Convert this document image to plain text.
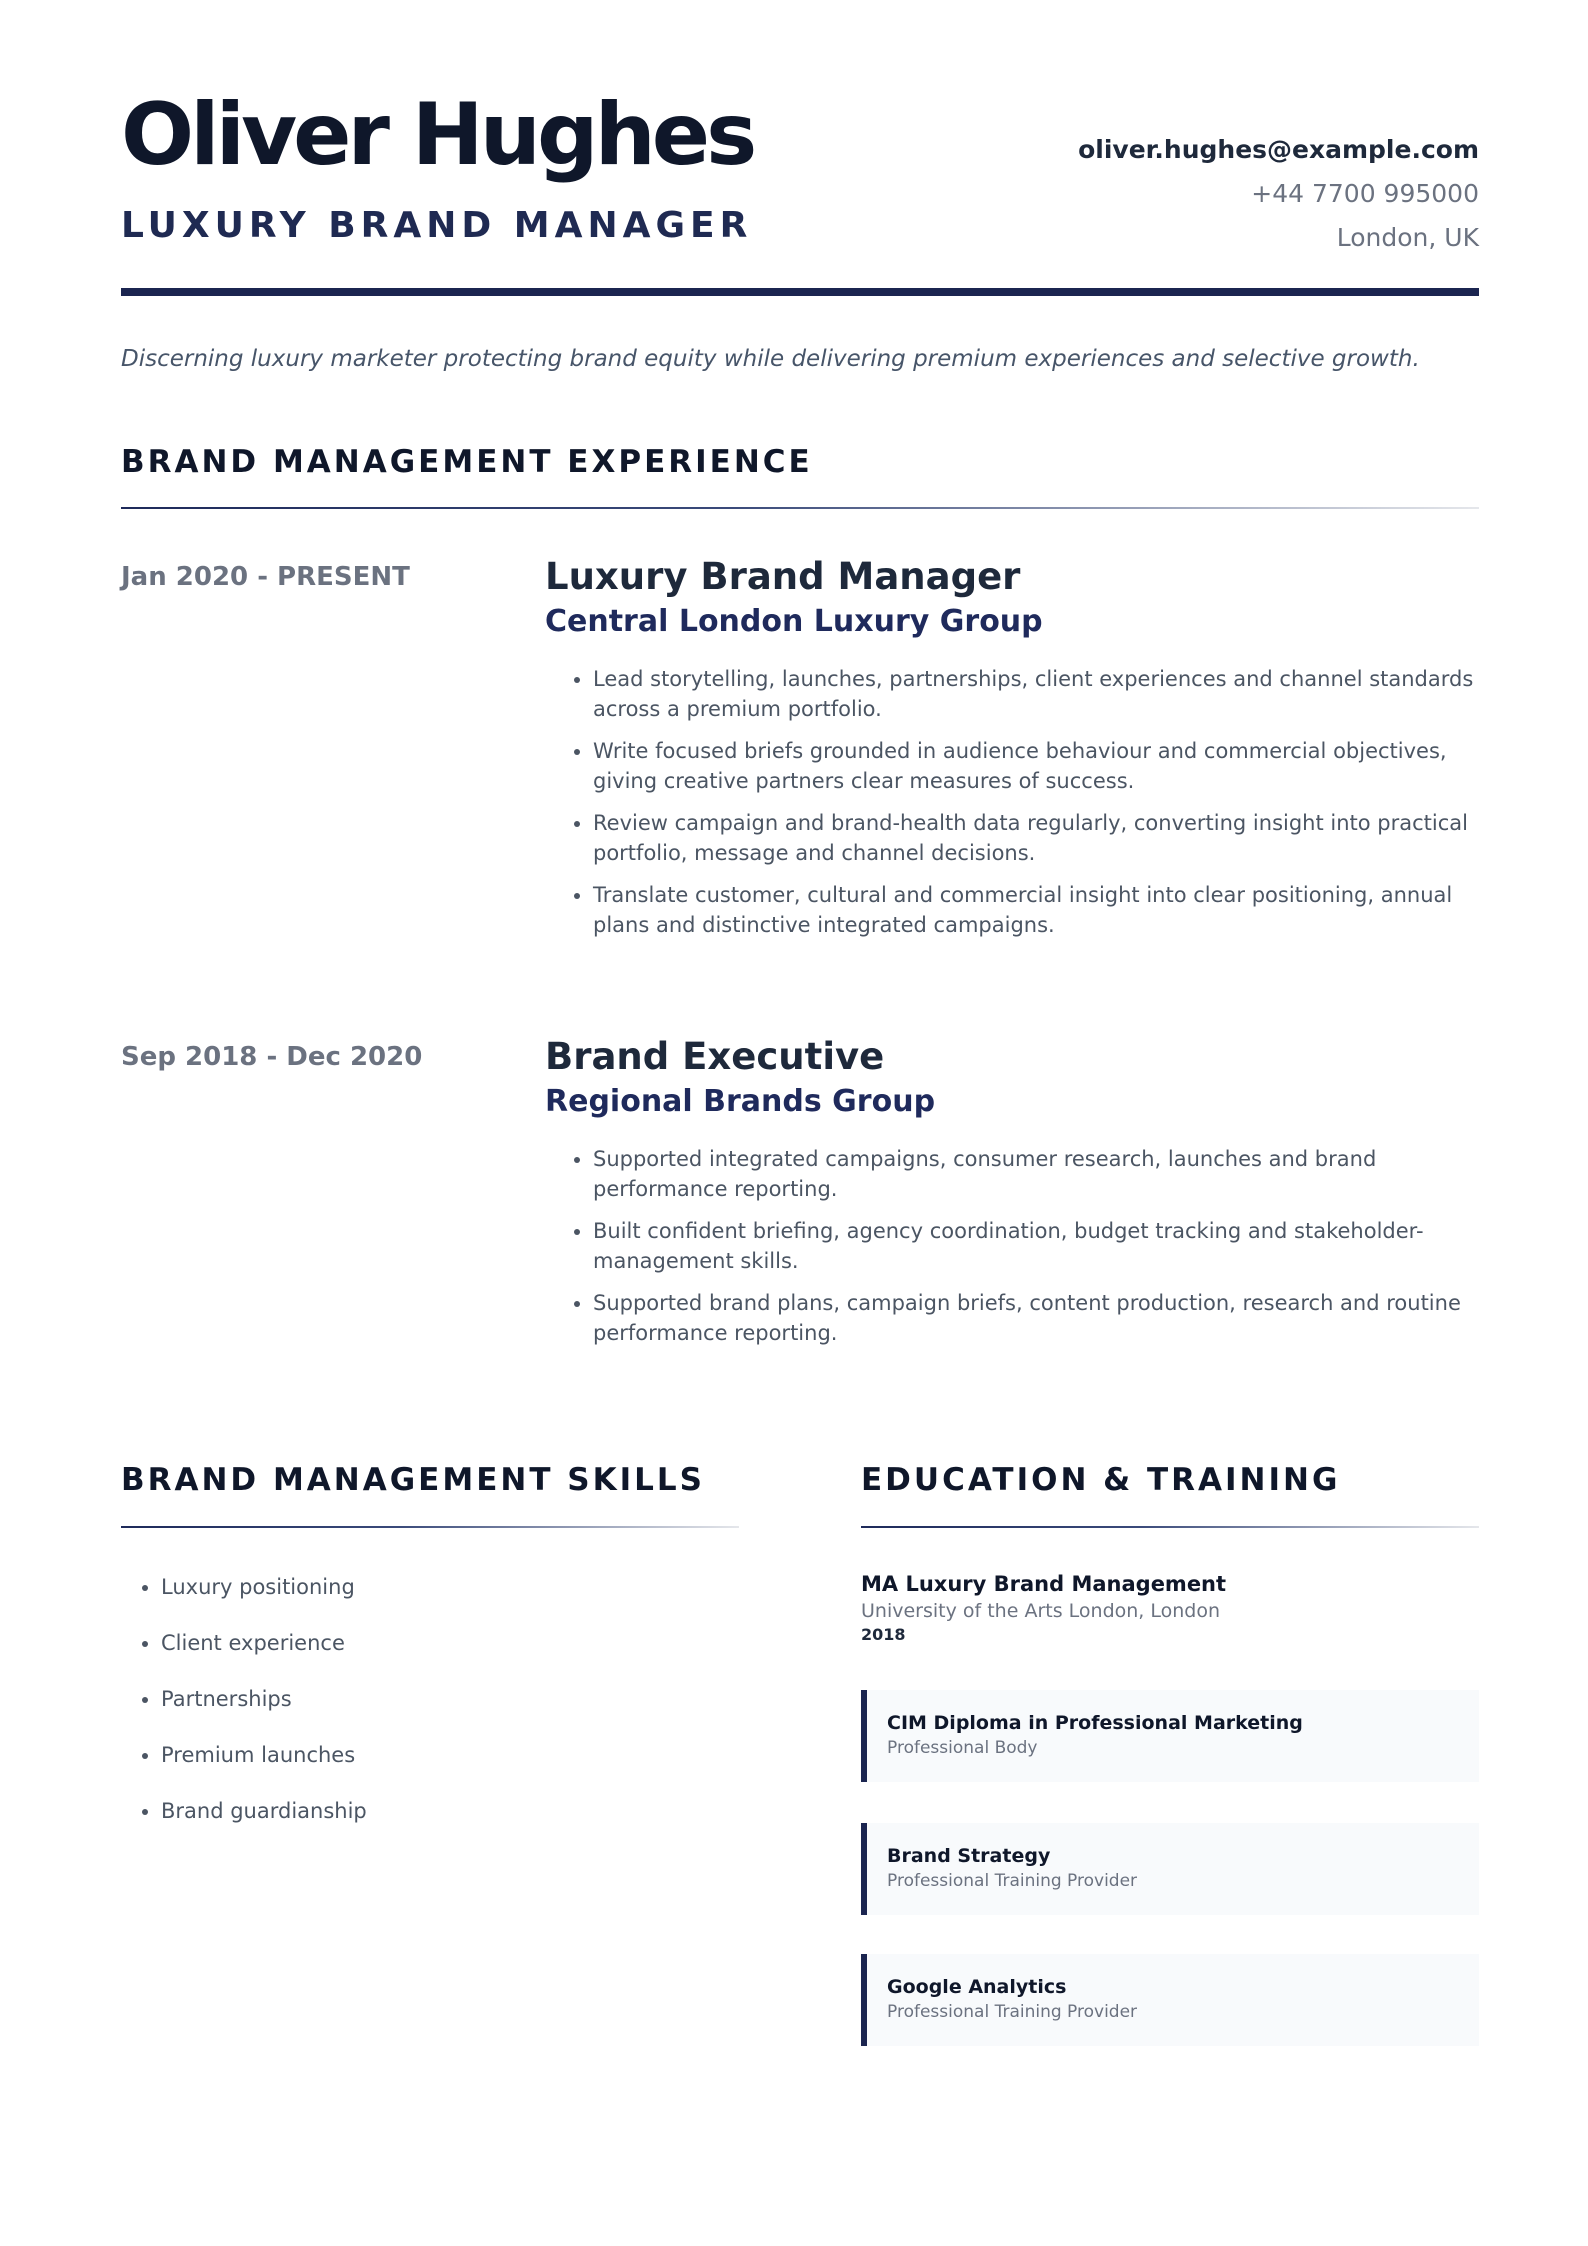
Oliver Hughes
LUXURY BRAND MANAGER
oliver.hughes@example.com
+44 7700 995000
London, UK

Discerning luxury marketer protecting brand equity while delivering premium experiences and selective growth.

BRAND MANAGEMENT EXPERIENCE
Jan 2020 - PRESENT	Luxury Brand Manager
Central London Luxury Group
• Lead storytelling, launches, partnerships, client experiences and channel standards across a premium portfolio.
• Write focused briefs grounded in audience behaviour and commercial objectives, giving creative partners clear measures of success.
• Review campaign and brand-health data regularly, converting insight into practical portfolio, message and channel decisions.
• Translate customer, cultural and commercial insight into clear positioning, annual plans and distinctive integrated campaigns.
Sep 2018 - Dec 2020	Brand Executive
Regional Brands Group
• Supported integrated campaigns, consumer research, launches and brand performance reporting.
• Built confident briefing, agency coordination, budget tracking and stakeholder-management skills.
• Supported brand plans, campaign briefs, content production, research and routine performance reporting.
BRAND MANAGEMENT SKILLS
• Luxury positioning
• Client experience
• Partnerships
• Premium launches
• Brand guardianship
EDUCATION & TRAINING
MA Luxury Brand Management
University of the Arts London, London
2018
CIM Diploma in Professional Marketing
Professional Body
Brand Strategy
Professional Training Provider
Google Analytics
Professional Training Provider
